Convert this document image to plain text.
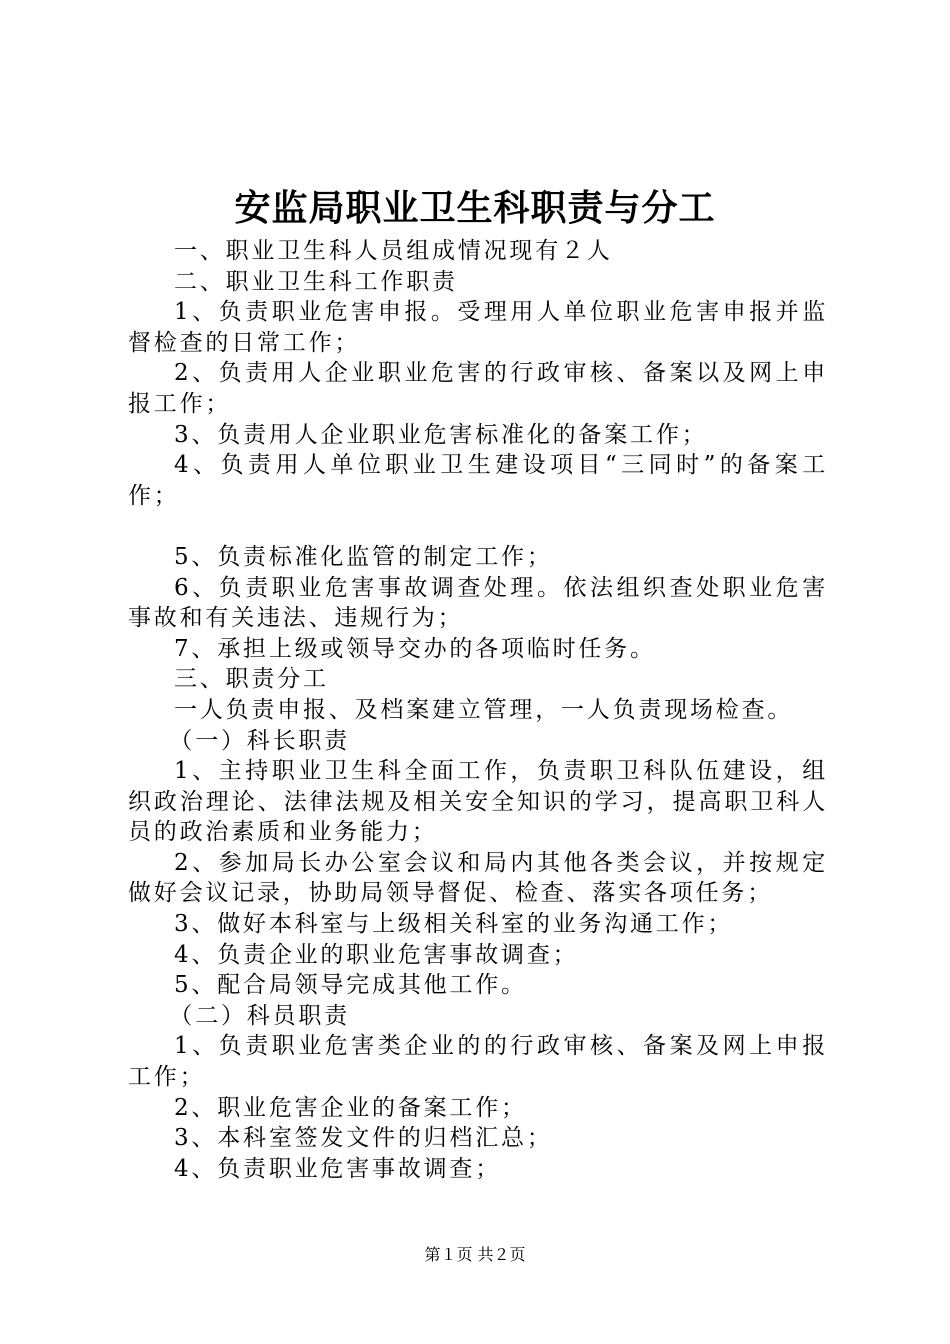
安监局职业卫生科职责与分工

一、职业卫生科人员组成情况现有２人

二、职业卫生科工作职责

1、负责职业危害申报。受理用人单位职业危害申报并监督检查的日常工作；

2、负责用人企业职业危害的行政审核、备案以及网上申报工作；

3、负责用人企业职业危害标准化的备案工作；

4、负责用人单位职业卫生建设项目“三同时”的备案工作；

5、负责标准化监管的制定工作；

6、负责职业危害事故调查处理。依法组织查处职业危害事故和有关违法、违规行为；

7、承担上级或领导交办的各项临时任务。

三、职责分工

一人负责申报、及档案建立管理，一人负责现场检查。

（一）科长职责

1、主持职业卫生科全面工作，负责职卫科队伍建设，组织政治理论、法律法规及相关安全知识的学习，提高职卫科人员的政治素质和业务能力；

2、参加局长办公室会议和局内其他各类会议，并按规定做好会议记录，协助局领导督促、检查、落实各项任务；

3、做好本科室与上级相关科室的业务沟通工作；

4、负责企业的职业危害事故调查；

5、配合局领导完成其他工作。

（二）科员职责

1、负责职业危害类企业的的行政审核、备案及网上申报工作；

2、职业危害企业的备案工作；

3、本科室签发文件的归档汇总；

4、负责职业危害事故调查；

第１页 共２页
